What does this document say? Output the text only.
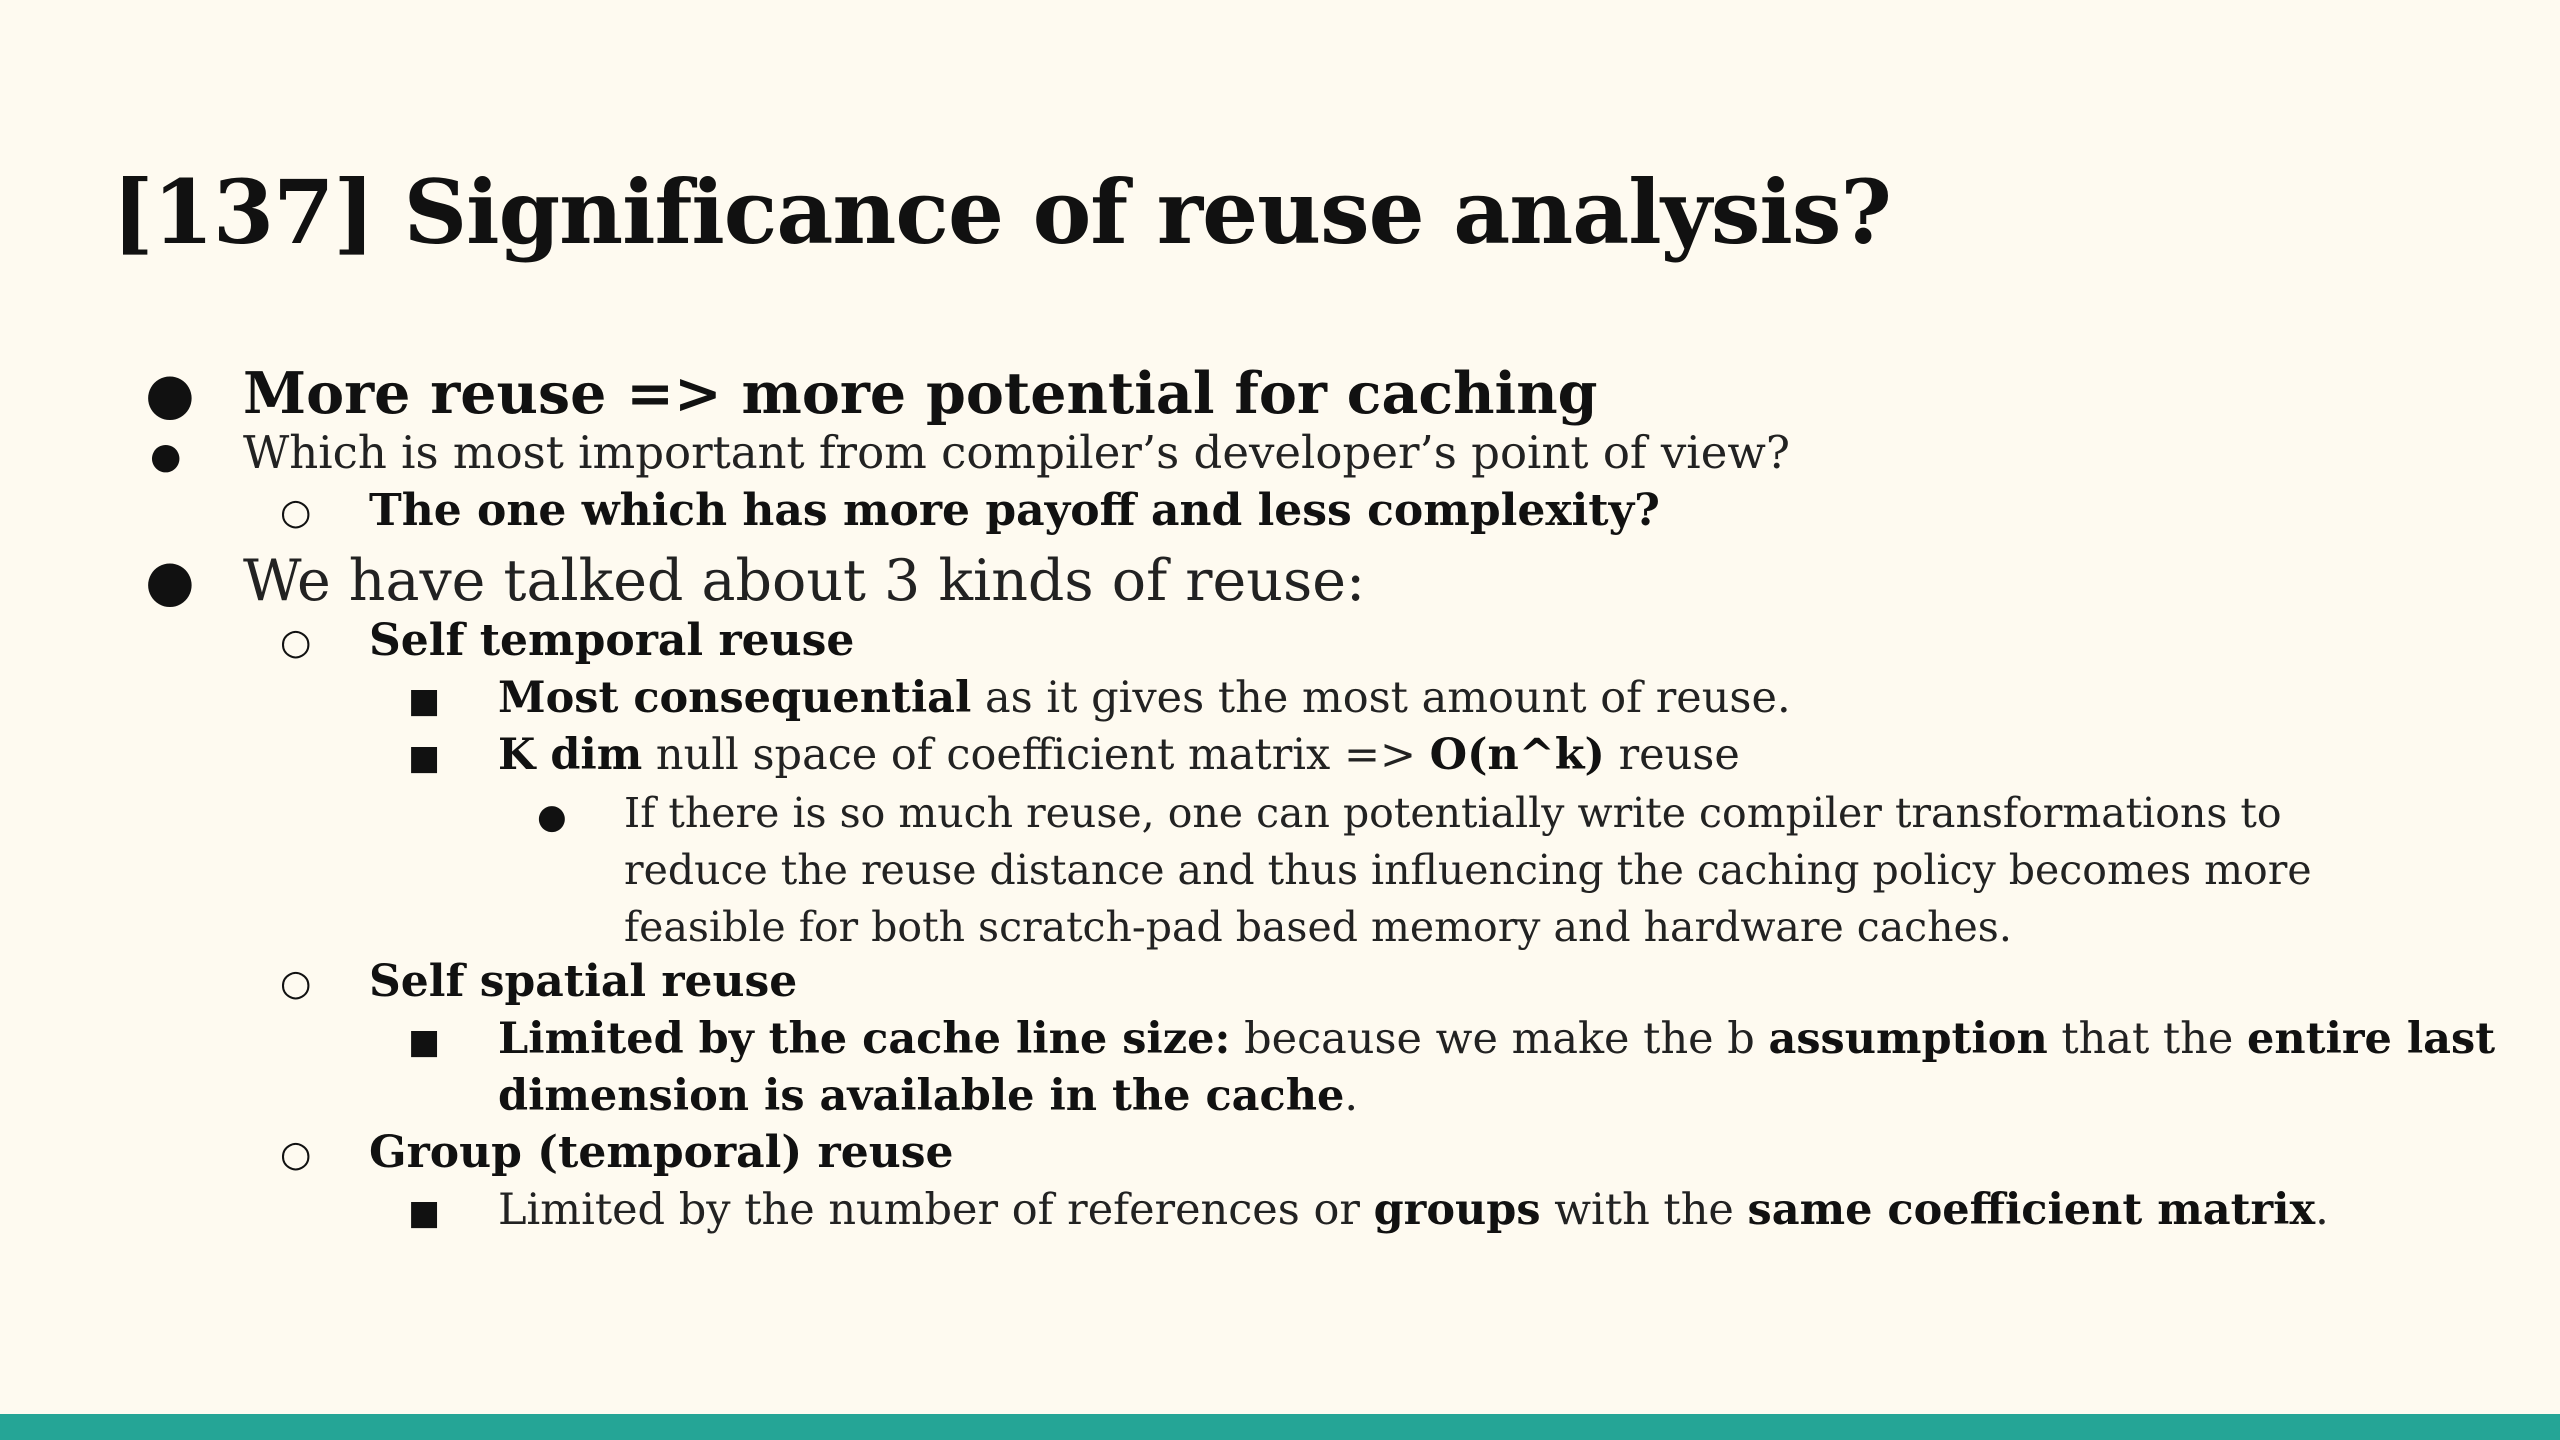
[137] Significance of reuse analysis?
● More reuse => more potential for caching
● Which is most important from compiler’s developer’s point of view?
○ The one which has more payoff and less complexity?
● We have talked about 3 kinds of reuse:
○ Self temporal reuse
■ Most consequential as it gives the most amount of reuse.
■ K dim null space of coefficient matrix => O(n^k) reuse
● If there is so much reuse, one can potentially write compiler transformations to
reduce the reuse distance and thus influencing the caching policy becomes more
feasible for both scratch-pad based memory and hardware caches.
○ Self spatial reuse
■ Limited by the cache line size: because we make the b assumption that the entire last
dimension is available in the cache.
○ Group (temporal) reuse
■ Limited by the number of references or groups with the same coefficient matrix.
